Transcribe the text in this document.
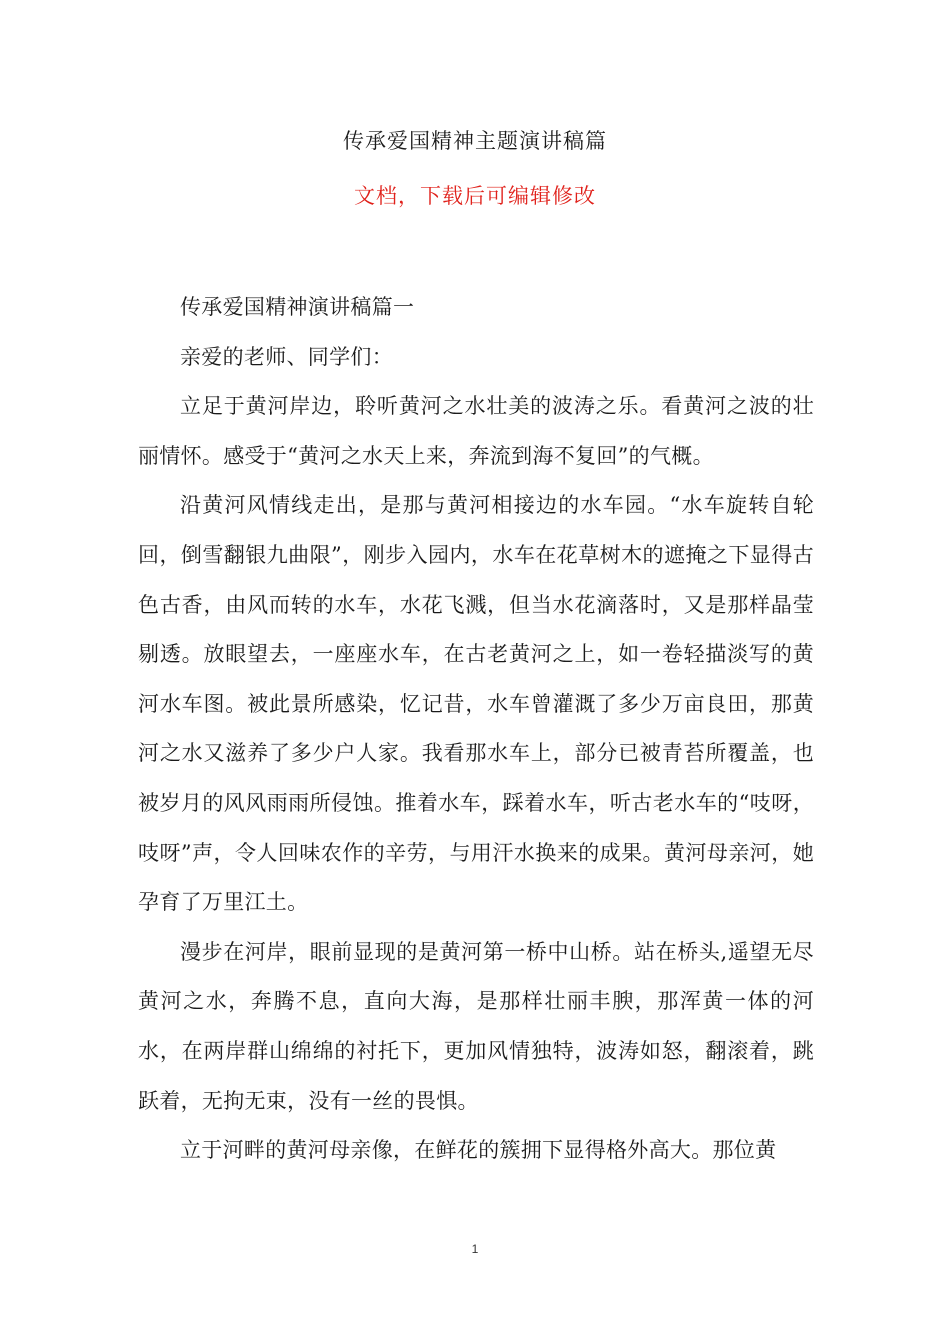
传承爱国精神主题演讲稿篇
文档，下载后可编辑修改

传承爱国精神演讲稿篇一

亲爱的老师、同学们：

立足于黄河岸边，聆听黄河之水壮美的波涛之乐。看黄河之波的壮丽情怀。感受于“黄河之水天上来，奔流到海不复回”的气概。

沿黄河风情线走出，是那与黄河相接边的水车园。“水车旋转自轮回，倒雪翻银九曲限”，刚步入园内，水车在花草树木的遮掩之下显得古色古香，由风而转的水车，水花飞溅，但当水花滴落时，又是那样晶莹剔透。放眼望去，一座座水车，在古老黄河之上，如一卷轻描淡写的黄河水车图。被此景所感染，忆记昔，水车曾灌溉了多少万亩良田，那黄河之水又滋养了多少户人家。我看那水车上，部分已被青苔所覆盖，也被岁月的风风雨雨所侵蚀。推着水车，踩着水车，听古老水车的“吱呀，吱呀”声，令人回味农作的辛劳，与用汗水换来的成果。黄河母亲河，她孕育了万里江土。

漫步在河岸，眼前显现的是黄河第一桥中山桥。站在桥头,遥望无尽黄河之水，奔腾不息，直向大海，是那样壮丽丰腴，那浑黄一体的河水，在两岸群山绵绵的衬托下，更加风情独特，波涛如怒，翻滚着，跳跃着，无拘无束，没有一丝的畏惧。

立于河畔的黄河母亲像，在鲜花的簇拥下显得格外高大。那位黄

1
